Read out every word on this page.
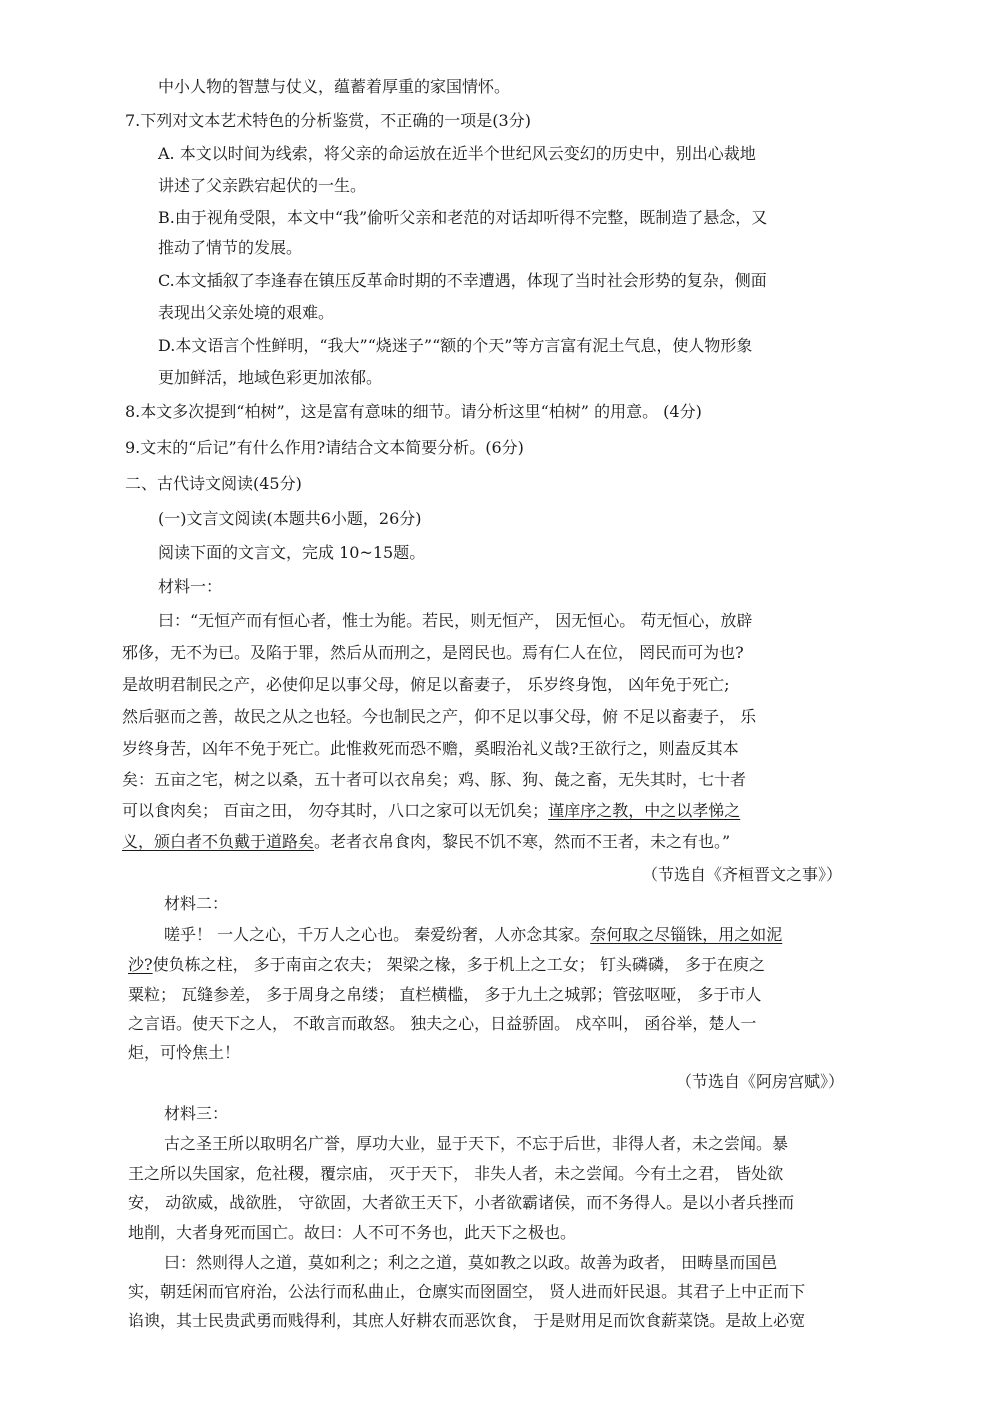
中小人物的智慧与仗义，蕴蓄着厚重的家国情怀。
7.下列对文本艺术特色的分析鉴赏，不正确的一项是(3分)
A. 本文以时间为线索，将父亲的命运放在近半个世纪风云变幻的历史中，别出心裁地
讲述了父亲跌宕起伏的一生。
B.由于视角受限，本文中“我”偷听父亲和老范的对话却听得不完整，既制造了悬念，又
推动了情节的发展。
C.本文插叙了李逢春在镇压反革命时期的不幸遭遇，体现了当时社会形势的复杂，侧面
表现出父亲处境的艰难。
D.本文语言个性鲜明，“我大”“烧迷子”“额的个天”等方言富有泥土气息，使人物形象
更加鲜活，地域色彩更加浓郁。
8.本文多次提到“柏树”，这是富有意味的细节。请分析这里“柏树” 的用意。 (4分)
9.文末的“后记”有什么作用?请结合文本简要分析。(6分)
二、古代诗文阅读(45分)
(一)文言文阅读(本题共6小题，26分)
阅读下面的文言文，完成 10~15题。
材料一：
曰：“无恒产而有恒心者，惟士为能。若民，则无恒产， 因无恒心。 苟无恒心，放辟
邪侈，无不为已。及陷于罪，然后从而刑之，是罔民也。焉有仁人在位， 罔民而可为也?
是故明君制民之产，必使仰足以事父母，俯足以畜妻子， 乐岁终身饱， 凶年免于死亡;
然后驱而之善，故民之从之也轻。今也制民之产，仰不足以事父母，俯 不足以畜妻子， 乐
岁终身苦，凶年不免于死亡。此惟救死而恐不赡，奚暇治礼义哉?王欲行之，则盍反其本
矣：五亩之宅，树之以桑，五十者可以衣帛矣；鸡、豚、狗、彘之畜，无失其时，七十者
可以食肉矣； 百亩之田， 勿夺其时，八口之家可以无饥矣；谨庠序之教，中之以孝悌之
义，颁白者不负戴于道路矣。老者衣帛食肉，黎民不饥不寒，然而不王者，未之有也。”
（节选自《齐桓晋文之事》）
材料二：
嗟乎！ 一人之心，千万人之心也。 秦爱纷奢，人亦念其家。奈何取之尽锱铢，用之如泥
沙?使负栋之柱， 多于南亩之农夫； 架梁之椽，多于机上之工女； 钉头磷磷， 多于在庾之
粟粒； 瓦缝参差， 多于周身之帛缕； 直栏横槛， 多于九土之城郭；管弦呕哑， 多于市人
之言语。使天下之人， 不敢言而敢怒。 独夫之心，日益骄固。 戍卒叫， 函谷举，楚人一
炬，可怜焦土！
（节选自《阿房宫赋》）
材料三：
古之圣王所以取明名广誉，厚功大业，显于天下，不忘于后世，非得人者，未之尝闻。暴
王之所以失国家，危社稷，覆宗庙， 灭于天下， 非失人者，未之尝闻。今有土之君， 皆处欲
安， 动欲威，战欲胜， 守欲固，大者欲王天下，小者欲霸诸侯，而不务得人。是以小者兵挫而
地削，大者身死而国亡。故曰：人不可不务也，此天下之极也。
曰：然则得人之道，莫如利之；利之之道，莫如教之以政。故善为政者， 田畴垦而国邑
实，朝廷闲而官府治，公法行而私曲止，仓廪实而囹圄空， 贤人进而奸民退。其君子上中正而下
谄谀，其士民贵武勇而贱得利，其庶人好耕农而恶饮食， 于是财用足而饮食薪菜饶。是故上必宽
